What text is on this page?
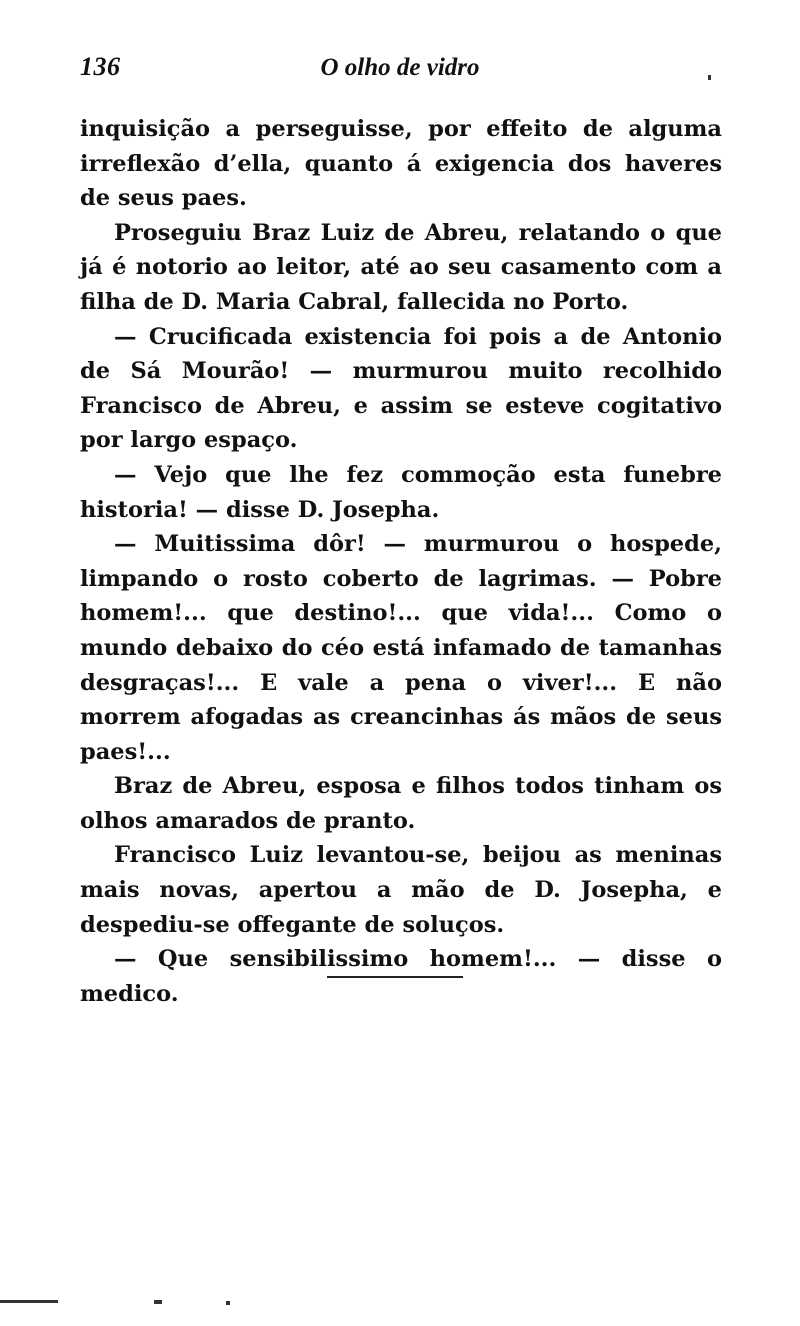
136	O olho de vidro

inquisição a perseguisse, por effeito de alguma irreflexão d’ella, quanto á exigencia dos haveres de seus paes.

Proseguiu Braz Luiz de Abreu, relatando o que já é notorio ao leitor, até ao seu casamento com a filha de D. Maria Cabral, fallecida no Porto.

— Crucificada existencia foi pois a de Antonio de Sá Mourão! — murmurou muito recolhido Francisco de Abreu, e assim se esteve cogitativo por largo espaço.

— Vejo que lhe fez commoção esta funebre historia! — disse D. Josepha.

— Muitissima dôr! — murmurou o hospede, limpando o rosto coberto de lagrimas. — Pobre homem!... que destino!... que vida!... Como o mundo debaixo do céo está infamado de tamanhas desgraças!... E vale a pena o viver!... E não morrem afogadas as creancinhas ás mãos de seus paes!...

Braz de Abreu, esposa e filhos todos tinham os olhos amarados de pranto.

Francisco Luiz levantou-se, beijou as meninas mais novas, apertou a mão de D. Josepha, e despediu-se offegante de soluços.

— Que sensibilissimo homem!... — disse o medico.
